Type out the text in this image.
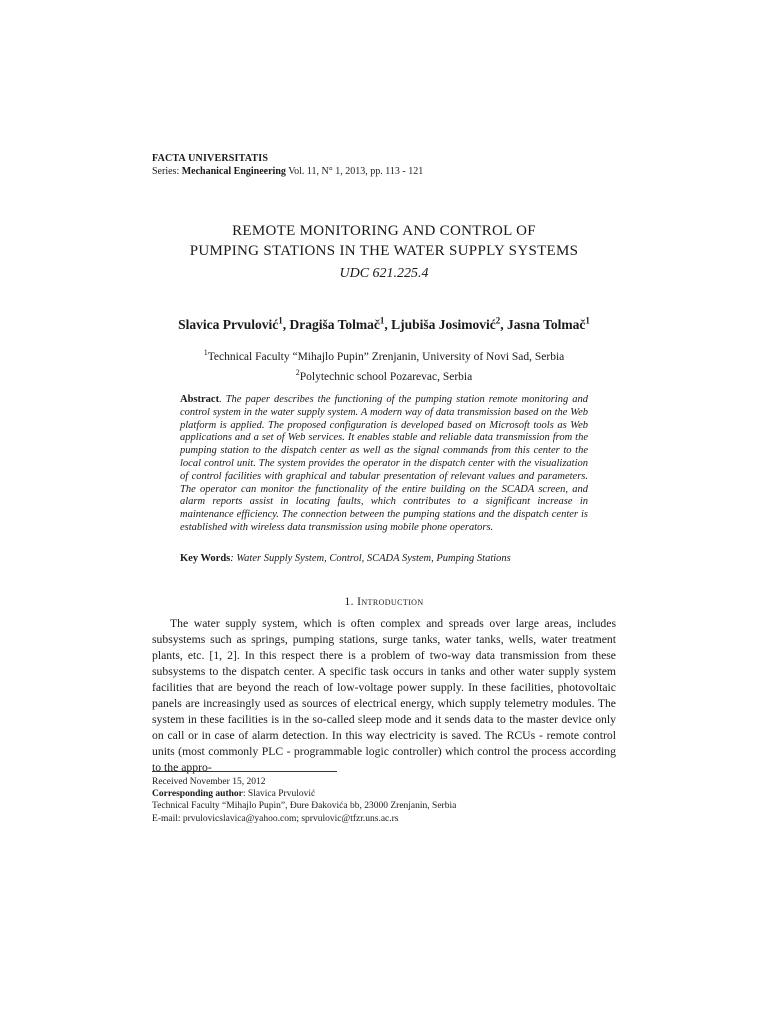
FACTA UNIVERSITATIS
Series: Mechanical Engineering Vol. 11, N° 1, 2013, pp. 113 - 121
REMOTE MONITORING AND CONTROL OF
PUMPING STATIONS IN THE WATER SUPPLY SYSTEMS
UDC 621.225.4
Slavica Prvulović$^1$, Dragiša Tolmač$^1$, Ljubiša Josimović$^2$, Jasna Tolmač$^1$
$^1$Technical Faculty “Mihajlo Pupin” Zrenjanin, University of Novi Sad, Serbia
$^2$Polytechnic school Pozarevac, Serbia
Abstract. The paper describes the functioning of the pumping station remote monitoring and control system in the water supply system. A modern way of data transmission based on the Web platform is applied. The proposed configuration is developed based on Microsoft tools as Web applications and a set of Web services. It enables stable and reliable data transmission from the pumping station to the dispatch center as well as the signal commands from this center to the local control unit. The system provides the operator in the dispatch center with the visualization of control facilities with graphical and tabular presentation of relevant values and parameters. The operator can monitor the functionality of the entire building on the SCADA screen, and alarm reports assist in locating faults, which contributes to a significant increase in maintenance efficiency. The connection between the pumping stations and the dispatch center is established with wireless data transmission using mobile phone operators.
Key Words: Water Supply System, Control, SCADA System, Pumping Stations
1. Introduction

The water supply system, which is often complex and spreads over large areas, includes subsystems such as springs, pumping stations, surge tanks, water tanks, wells, water treatment plants, etc. [1, 2]. In this respect there is a problem of two-way data transmission from these subsystems to the dispatch center. A specific task occurs in tanks and other water supply system facilities that are beyond the reach of low-voltage power supply. In these facilities, photovoltaic panels are increasingly used as sources of electrical energy, which supply telemetry modules. The system in these facilities is in the so-called sleep mode and it sends data to the master device only on call or in case of alarm detection. In this way electricity is saved. The RCUs - remote control units (most commonly PLC - programmable logic controller) which control the process according to the appro-

Received November 15, 2012
Corresponding author: Slavica Prvulović
Technical Faculty “Mihajlo Pupin”, Đure Đakovića bb, 23000 Zrenjanin, Serbia
E-mail: prvulovicslavica@yahoo.com; sprvulovic@tfzr.uns.ac.rs
